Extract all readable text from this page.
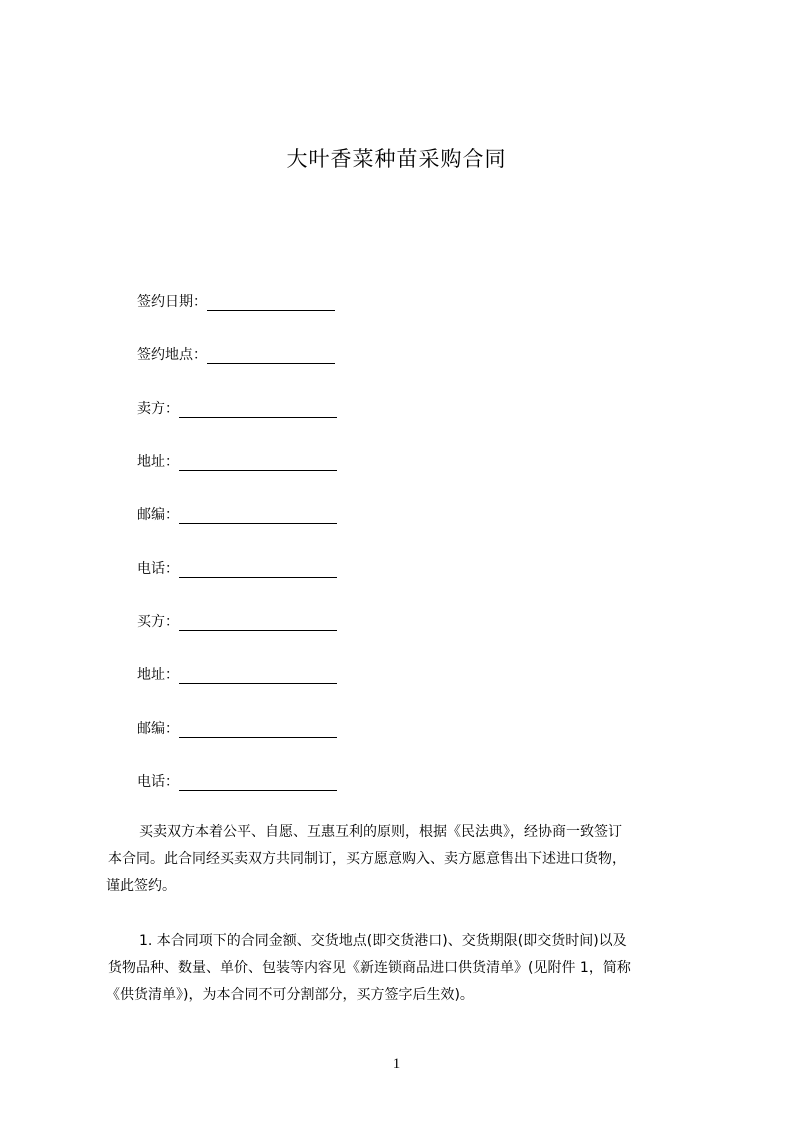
大叶香菜种苗采购合同
签约日期：
签约地点：
卖方：
地址：
邮编：
电话：
买方：
地址：
邮编：
电话：
买卖双方本着公平、自愿、互惠互利的原则，根据《民法典》，经协商一致签订
本合同。此合同经买卖双方共同制订，买方愿意购入、卖方愿意售出下述进口货物，
谨此签约。
1. 本合同项下的合同金额、交货地点(即交货港口)、交货期限(即交货时间)以及
货物品种、数量、单价、包装等内容见《新连锁商品进口供货清单》(见附件 1，简称
《供货清单》)，为本合同不可分割部分，买方签字后生效)。
1
